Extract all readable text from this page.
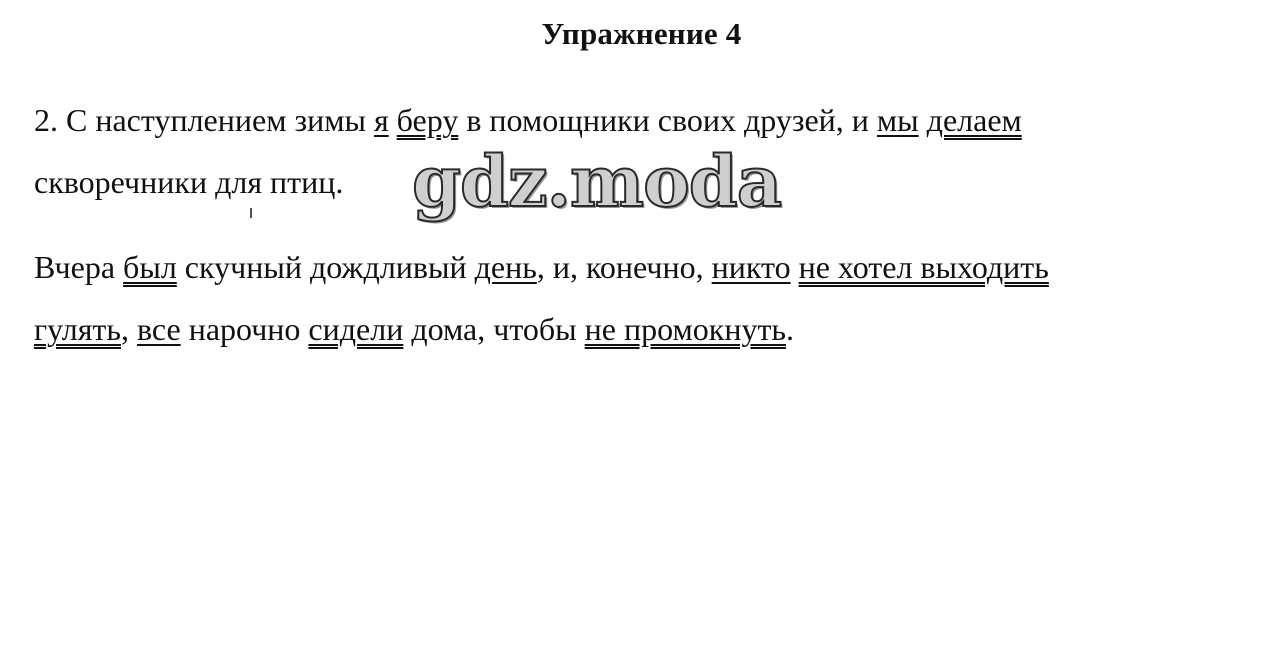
Упражнение 4
2. С наступлением зимы я беру в помощники своих друзей, и мы делаем
скворечники для птиц. gdz.moda
Вчера был скучный дождливый день, и, конечно, никто не хотел выходить
гулять, все нарочно сидели дома, чтобы не промокнуть.
